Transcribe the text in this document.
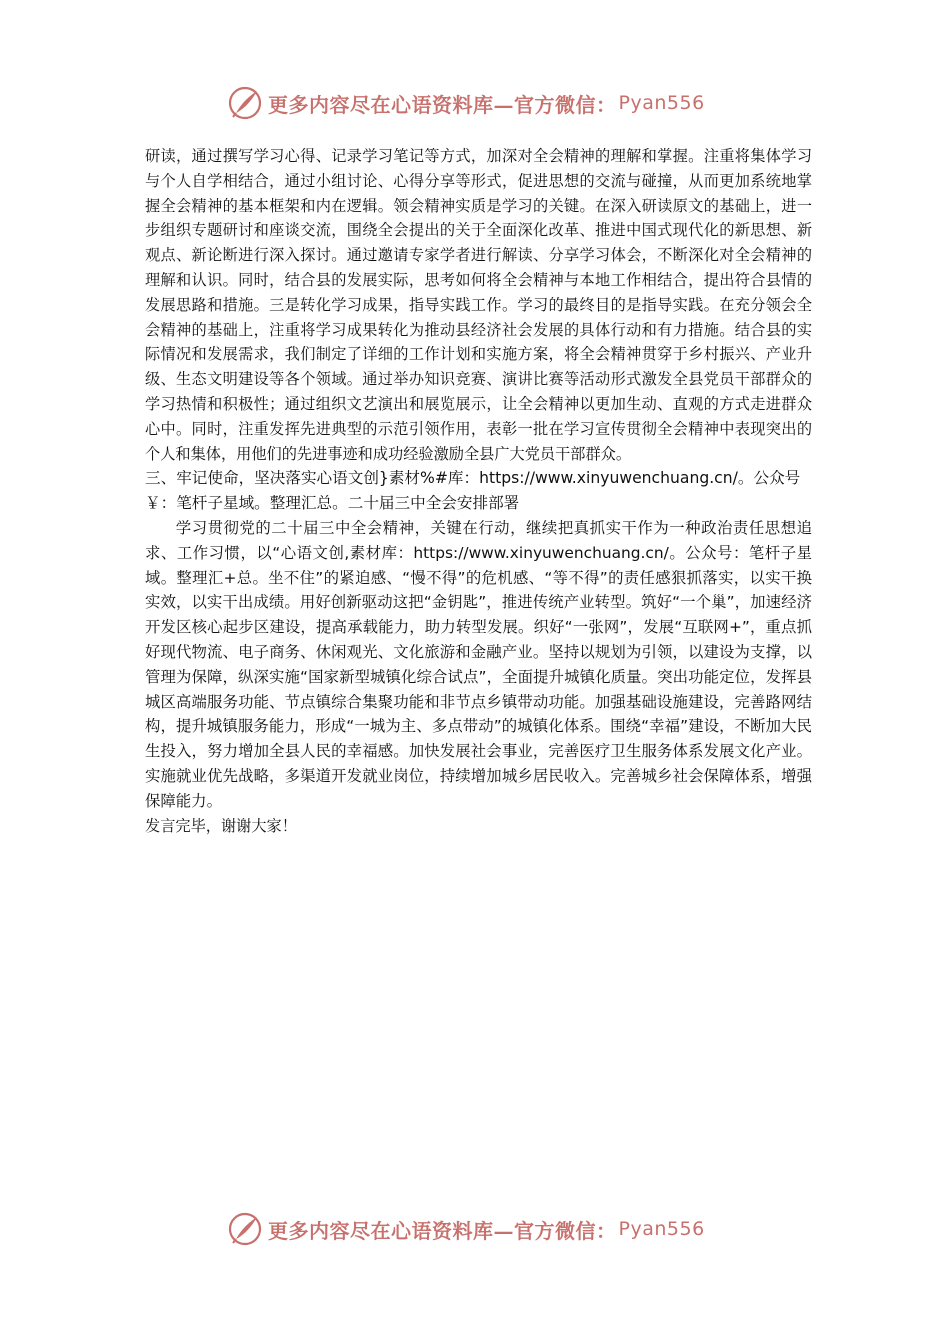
更多内容尽在心语资料库—官方微信： Pyan556

研读，通过撰写学习心得、记录学习笔记等方式，加深对全会精神的理解和掌握。注重将集体学习与个人自学相结合，通过小组讨论、心得分享等形式，促进思想的交流与碰撞，从而更加系统地掌握全会精神的基本框架和内在逻辑。领会精神实质是学习的关键。在深入研读原文的基础上，进一步组织专题研讨和座谈交流，围绕全会提出的关于全面深化改革、推进中国式现代化的新思想、新观点、新论断进行深入探讨。通过邀请专家学者进行解读、分享学习体会，不断深化对全会精神的理解和认识。同时，结合县的发展实际，思考如何将全会精神与本地工作相结合，提出符合县情的发展思路和措施。三是转化学习成果，指导实践工作。学习的最终目的是指导实践。在充分领会全会精神的基础上，注重将学习成果转化为推动县经济社会发展的具体行动和有力措施。结合县的实际情况和发展需求，我们制定了详细的工作计划和实施方案，将全会精神贯穿于乡村振兴、产业升级、生态文明建设等各个领域。通过举办知识竞赛、演讲比赛等活动形式激发全县党员干部群众的学习热情和积极性；通过组织文艺演出和展览展示，让全会精神以更加生动、直观的方式走进群众心中。同时，注重发挥先进典型的示范引领作用，表彰一批在学习宣传贯彻全会精神中表现突出的个人和集体，用他们的先进事迹和成功经验激励全县广大党员干部群众。

三、牢记使命，坚决落实心语文创}素材%#库：https://www.xinyuwenchuang.cn/。公众号￥：笔杆子星域。整理汇总。二十届三中全会安排部署

学习贯彻党的二十届三中全会精神，关键在行动，继续把真抓实干作为一种政治责任思想追求、工作习惯，以“心语文创,素材库：https://www.xinyuwenchuang.cn/。公众号：笔杆子星域。整理汇+总。坐不住”的紧迫感、“慢不得”的危机感、“等不得”的责任感狠抓落实，以实干换实效，以实干出成绩。用好创新驱动这把“金钥匙”，推进传统产业转型。筑好“一个巢”，加速经济开发区核心起步区建设，提高承载能力，助力转型发展。织好“一张网”，发展“互联网+”，重点抓好现代物流、电子商务、休闲观光、文化旅游和金融产业。坚持以规划为引领，以建设为支撑，以管理为保障，纵深实施“国家新型城镇化综合试点”，全面提升城镇化质量。突出功能定位，发挥县城区高端服务功能、节点镇综合集聚功能和非节点乡镇带动功能。加强基础设施建设，完善路网结构，提升城镇服务能力，形成“一城为主、多点带动”的城镇化体系。围绕“幸福”建设，不断加大民生投入，努力增加全县人民的幸福感。加快发展社会事业，完善医疗卫生服务体系发展文化产业。实施就业优先战略，多渠道开发就业岗位，持续增加城乡居民收入。完善城乡社会保障体系，增强保障能力。

发言完毕，谢谢大家！

更多内容尽在心语资料库—官方微信： Pyan556
